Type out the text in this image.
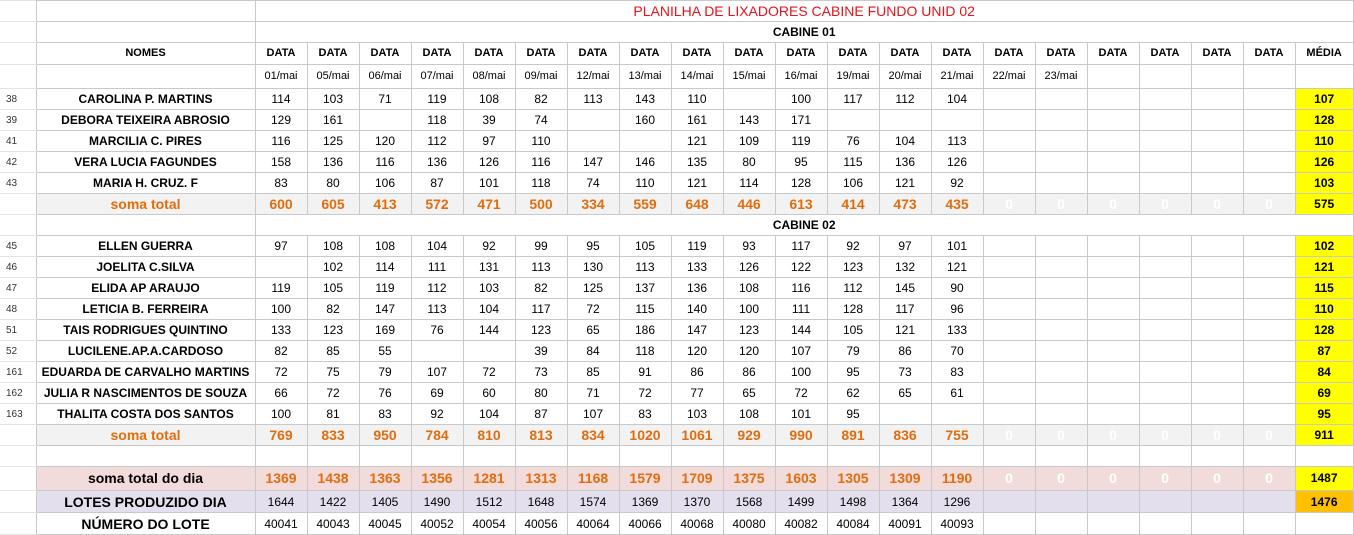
		PLANILHA DE LIXADORES CABINE FUNDO UNID 02																				
		CABINE 01																				
	NOMES	DATA	DATA	DATA	DATA	DATA	DATA	DATA	DATA	DATA	DATA	DATA	DATA	DATA	DATA	DATA	DATA	DATA	DATA	DATA	DATA	MÉDIA
		01/mai	05/mai	06/mai	07/mai	08/mai	09/mai	12/mai	13/mai	14/mai	15/mai	16/mai	19/mai	20/mai	21/mai	22/mai	23/mai					
38	CAROLINA P. MARTINS	114	103	71	119	108	82	113	143	110		100	117	112	104							107
39	DEBORA TEIXEIRA ABROSIO	129	161		118	39	74		160	161	143	171										128
41	MARCILIA C. PIRES	116	125	120	112	97	110			121	109	119	76	104	113							110
42	VERA LUCIA FAGUNDES	158	136	116	136	126	116	147	146	135	80	95	115	136	126							126
43	MARIA H. CRUZ. F	83	80	106	87	101	118	74	110	121	114	128	106	121	92							103
	soma total	600	605	413	572	471	500	334	559	648	446	613	414	473	435	0	0	0	0	0	0	575
		CABINE 02																				
45	ELLEN GUERRA	97	108	108	104	92	99	95	105	119	93	117	92	97	101							102
46	JOELITA C.SILVA		102	114	111	131	113	130	113	133	126	122	123	132	121							121
47	ELIDA AP ARAUJO	119	105	119	112	103	82	125	137	136	108	116	112	145	90							115
48	LETICIA B. FERREIRA	100	82	147	113	104	117	72	115	140	100	111	128	117	96							110
51	TAIS RODRIGUES QUINTINO	133	123	169	76	144	123	65	186	147	123	144	105	121	133							128
52	LUCILENE.AP.A.CARDOSO	82	85	55			39	84	118	120	120	107	79	86	70							87
161	EDUARDA DE CARVALHO MARTINS	72	75	79	107	72	73	85	91	86	86	100	95	73	83							84
162	JULIA R NASCIMENTOS DE SOUZA	66	72	76	69	60	80	71	72	77	65	72	62	65	61							69
163	THALITA COSTA DOS SANTOS	100	81	83	92	104	87	107	83	103	108	101	95									95
	soma total	769	833	950	784	810	813	834	1020	1061	929	990	891	836	755	0	0	0	0	0	0	911

	soma total do dia	1369	1438	1363	1356	1281	1313	1168	1579	1709	1375	1603	1305	1309	1190	0	0	0	0	0	0	1487
	LOTES PRODUZIDO DIA	1644	1422	1405	1490	1512	1648	1574	1369	1370	1568	1499	1498	1364	1296							1476
	NÚMERO DO LOTE	40041	40043	40045	40052	40054	40056	40064	40066	40068	40080	40082	40084	40091	40093							
